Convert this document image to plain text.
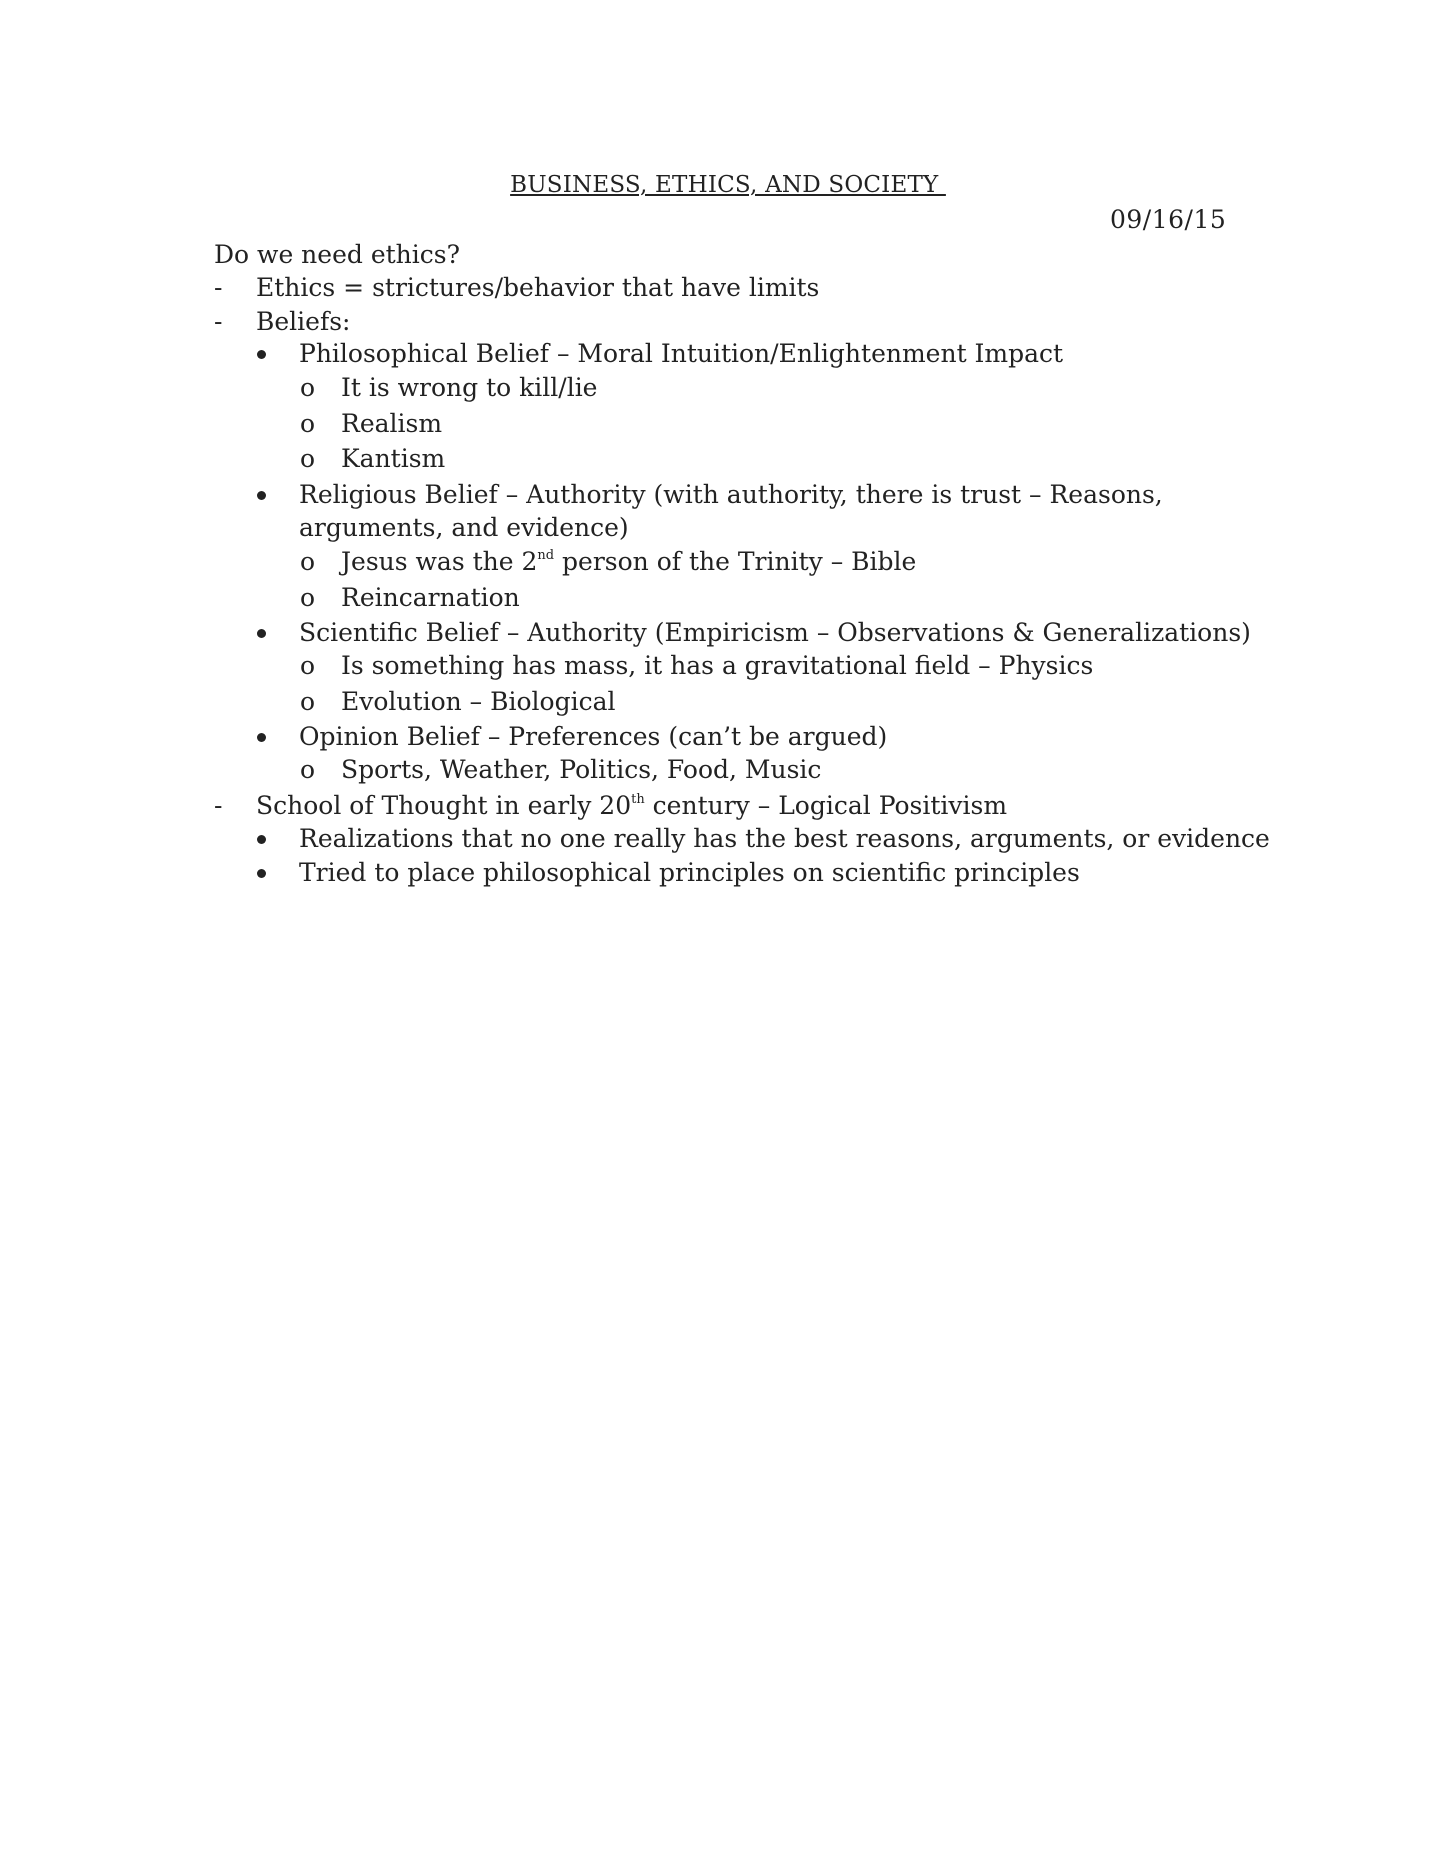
BUSINESS, ETHICS, AND SOCIETY
09/16/15
Do we need ethics?
- Ethics = strictures/behavior that have limits
- Beliefs:
Philosophical Belief – Moral Intuition/Enlightenment Impact
o It is wrong to kill/lie
o Realism
o Kantism
Religious Belief – Authority (with authority, there is trust – Reasons,
arguments, and evidence)
o Jesus was the 2nd person of the Trinity – Bible
o Reincarnation
Scientific Belief – Authority (Empiricism – Observations & Generalizations)
o Is something has mass, it has a gravitational field – Physics
o Evolution – Biological
Opinion Belief – Preferences (can’t be argued)
o Sports, Weather, Politics, Food, Music
- School of Thought in early 20th century – Logical Positivism
Realizations that no one really has the best reasons, arguments, or evidence
Tried to place philosophical principles on scientific principles
